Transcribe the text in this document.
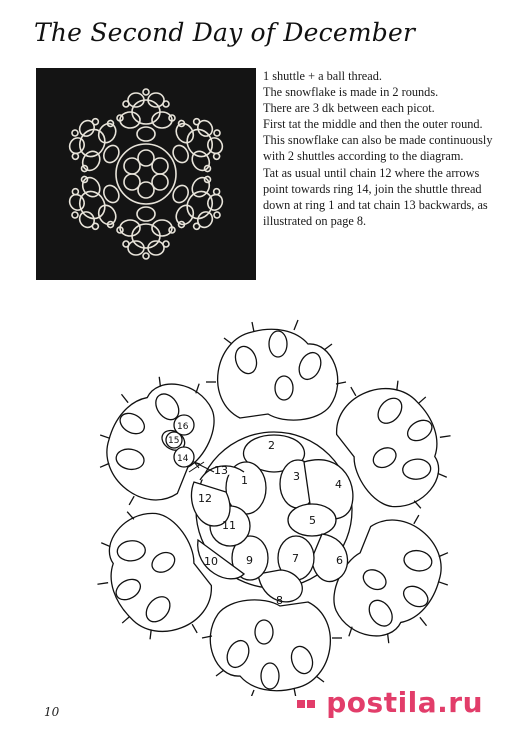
The Second Day of December

1 shuttle + a ball thread.

The snowflake is made in 2 rounds.

There are 3 dk between each picot.

First tat the middle and then the outer round.

This snowflake can also be made continuously with 2 shuttles according to the diagram.

Tat as usual until chain 12 where the arrows point towards ring 14, join the shuttle thread down at ring 1 and tat chain 13 backwards, as illustrated on page 8.

1
2
3
4
5
6
7
8
9
10
11
12
13
14
15
16
10	postila.ru
